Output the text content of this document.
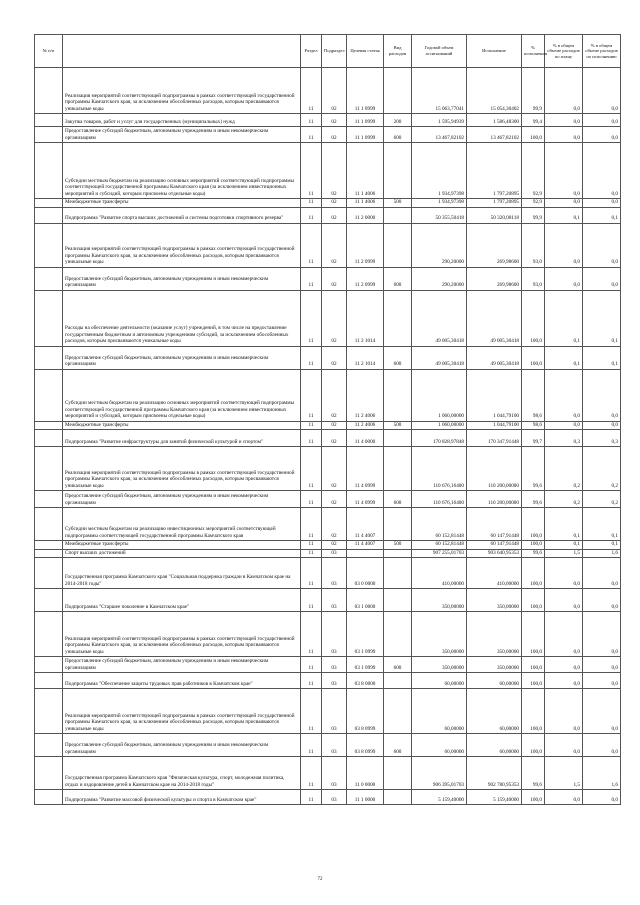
№ п/п		Раздел	Подраздел	Целевая статья	Вид расходов	Годовой объем ассигнований	Исполнение	% исполнения	% в общем объеме расходов по плану	% в общем объеме расходов по исполнению
	Реализация мероприятий соответствующей подпрограммы в рамках соответствующей государственной программы Камчатского края, за исключением обособленных расходов, которым присваиваются уникальные коды	11	02	11 1 0999		15 063,77041	15 054,30402	99,9	0,0	0,0
	Закупка товаров, работ и услуг для государственных (муниципальных) нужд	11	02	11 1 0999	200	1 595,94939	1 586,48300	99,4	0,0	0,0
	Предоставление субсидий бюджетным, автономным учреждениям и иным некоммерческим организациям	11	02	11 1 0999	600	13 467,82102	13 467,82102	100,0	0,0	0,0
	Субсидии местным бюджетам на реализацию основных мероприятий соответствующей подпрограммы соответствующей государственной программы Камчатского края (за исключением инвестиционных мероприятий и субсидий, которым присвоены отдельные коды)	11	02	11 1 4006		1 934,97398	1 797,20895	92,9	0,0	0,0
	Межбюджетные трансферты	11	02	11 1 4006	500	1 934,97398	1 797,20895	92,9	0,0	0,0
	Подпрограмма "Развитие спорта высших достижений и системы подготовки спортивного резерва"	11	02	11 2 0000		50 355,50418	50 320,08118	99,9	0,1	0,1
	Реализация мероприятий соответствующей подпрограммы в рамках соответствующей государственной программы Камчатского края, за исключением обособленных расходов, которым присваиваются уникальные коды	11	02	11 2 0999		290,20000	269,98600	93,0	0,0	0,0
	Предоставление субсидий бюджетным, автономным учреждениям и иным некоммерческим организациям	11	02	11 2 0999	600	290,20000	269,98600	93,0	0,0	0,0
	Расходы на обеспечение деятельности (оказание услуг) учреждений, в том числе на предоставление государственным бюджетным и автономным учреждениям субсидий, за исключением обособленных расходов, которым присваиваются уникальные коды	11	02	11 2 1014		49 005,30418	49 005,30418	100,0	0,1	0,1
	Предоставление субсидий бюджетным, автономным учреждениям и иным некоммерческим организациям	11	02	11 2 1014	600	49 005,30418	49 005,30418	100,0	0,1	0,1
	Субсидии местным бюджетам на реализацию основных мероприятий соответствующей подпрограммы соответствующей государственной программы Камчатского края (за исключением инвестиционных мероприятий и субсидий, которым присвоены отдельные коды)	11	02	11 2 4006		1 060,00000	1 044,79100	98,6	0,0	0,0
	Межбюджетные трансферты	11	02	11 2 4006	500	1 060,00000	1 044,79100	98,6	0,0	0,0
	Подпрограмма "Развитие инфраструктуры для занятий физической культурой и спортом"	11	02	11 4 0000		170 828,97848	170 347,91448	99,7	0,3	0,3
	Реализация мероприятий соответствующей подпрограммы в рамках соответствующей государственной программы Камчатского края, за исключением обособленных расходов, которым присваиваются уникальные коды	11	02	11 4 0999		110 676,16400	110 200,00000	99,6	0,2	0,2
	Предоставление субсидий бюджетным, автономным учреждениям и иным некоммерческим организациям	11	02	11 4 0999	600	110 676,16400	110 200,00000	99,6	0,2	0,2
	Субсидии местным бюджетам на реализацию инвестиционных мероприятий соответствующей подпрограммы соответствующей государственной программы Камчатского края	11	02	11 4 4007		60 152,81448	60 147,91448	100,0	0,1	0,1
	Межбюджетные трансферты	11	02	11 4 4007	500	60 152,81448	60 147,91448	100,0	0,1	0,1
	Спорт высших достижений	11	03			907 255,01703	903 640,95353	99,6	1,5	1,6
	Государственная программа Камчатского края "Социальная поддержка граждан в Камчатском крае на 2014-2018 годы"	11	03	03 0 0000		410,00000	410,00000	100,0	0,0	0,0
	Подпрограмма "Старшее поколение в Камчатском крае"	11	03	03 1 0000		350,00000	350,00000	100,0	0,0	0,0
	Реализация мероприятий соответствующей подпрограммы в рамках соответствующей государственной программы Камчатского края, за исключением обособленных расходов, которым присваиваются уникальные коды	11	03	03 1 0999		350,00000	350,00000	100,0	0,0	0,0
	Предоставление субсидий бюджетным, автономным учреждениям и иным некоммерческим организациям	11	03	03 1 0999	600	350,00000	350,00000	100,0	0,0	0,0
	Подпрограмма "Обеспечение защиты трудовых прав работников в Камчатском крае"	11	03	03 8 0000		60,00000	60,00000	100,0	0,0	0,0
	Реализация мероприятий соответствующей подпрограммы в рамках соответствующей государственной программы Камчатского края, за исключением обособленных расходов, которым присваиваются уникальные коды	11	03	03 8 0999		60,00000	60,00000	100,0	0,0	0,0
	Предоставление субсидий бюджетным, автономным учреждениям и иным некоммерческим организациям	11	03	03 8 0999	600	60,00000	60,00000	100,0	0,0	0,0
	Государственная программа Камчатского края "Физическая культура, спорт, молодежная политика, отдых и оздоровление детей в Камчатском крае на 2014-2018 годы"	11	03	11 0 0000		906 395,01703	902 780,95353	99,6	1,5	1,6
	Подпрограмма "Развитие массовой физической культуры и спорта в Камчатском крае"	11	03	11 1 0000		5 159,40000	5 159,40000	100,0	0,0	0,0
72
